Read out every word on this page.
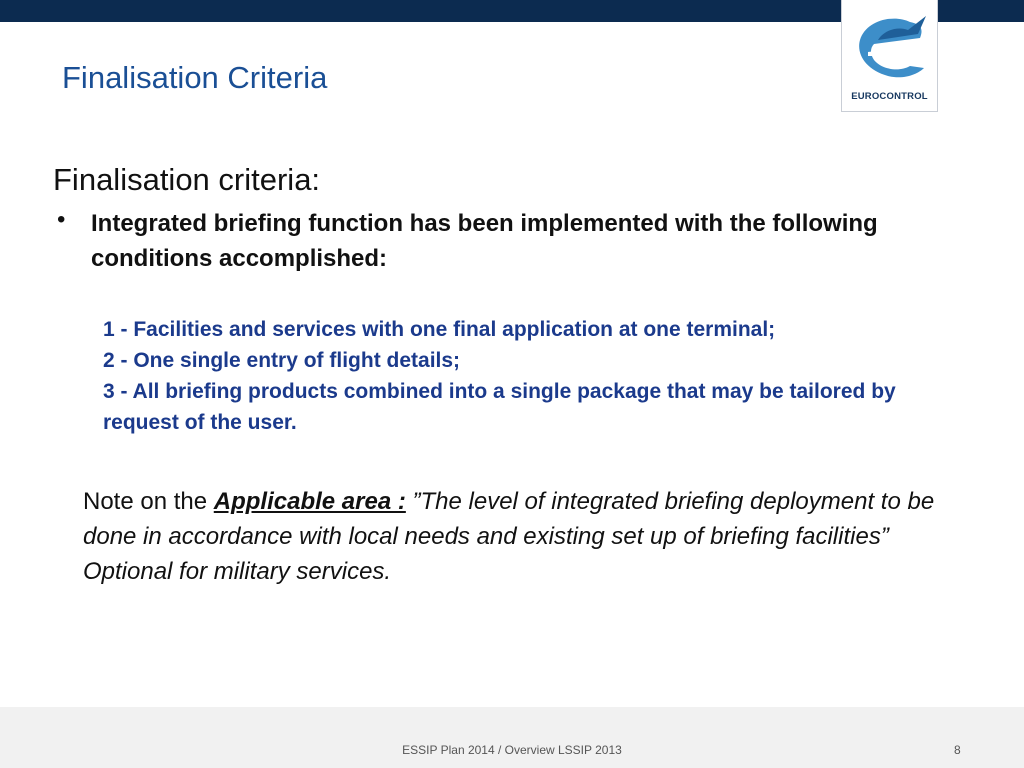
EUROCONTROL
Finalisation Criteria
Finalisation criteria:
• Integrated briefing function has been implemented with the following conditions accomplished:
1 - Facilities and services with one final application at one terminal;
2 - One single entry of flight details;
3 - All briefing products combined into a single package that may be tailored by request of the user.
Note on the Applicable area : ”The level of integrated briefing deployment to be done in accordance with local needs and existing set up of briefing facilities”
Optional for military services.
ESSIP Plan 2014 / Overview LSSIP 2013	8
